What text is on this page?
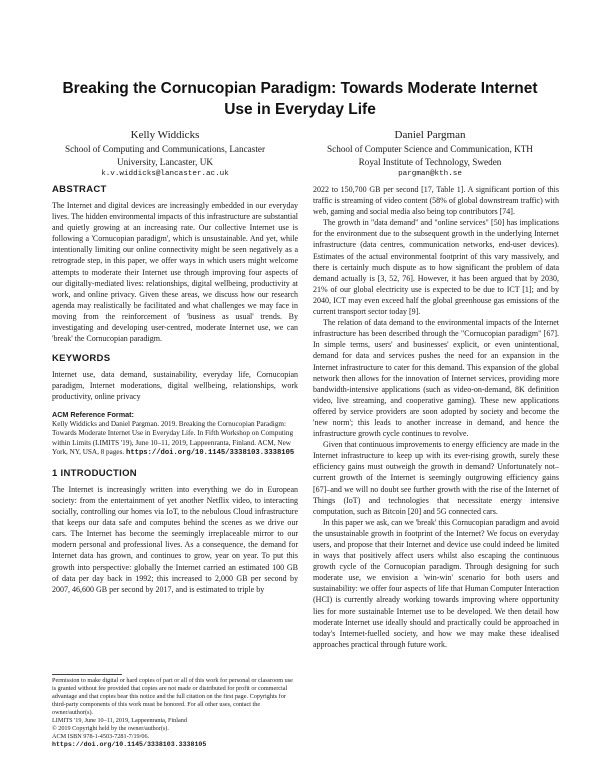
Breaking the Cornucopian Paradigm: Towards Moderate Internet Use in Everyday Life
Kelly Widdicks
School of Computing and Communications, Lancaster
University, Lancaster, UK
k.v.widdicks@lancaster.ac.uk
Daniel Pargman
School of Computer Science and Communication, KTH
Royal Institute of Technology, Sweden
pargman@kth.se
ABSTRACT

The Internet and digital devices are increasingly embedded in our everyday lives. The hidden environmental impacts of this infrastructure are substantial and quietly growing at an increasing rate. Our collective Internet use is following a 'Cornucopian paradigm', which is unsustainable. And yet, while intentionally limiting our online connectivity might be seen negatively as a retrograde step, in this paper, we offer ways in which users might welcome attempts to moderate their Internet use through improving four aspects of our digitally-mediated lives: relationships, digital wellbeing, productivity at work, and online privacy. Given these areas, we discuss how our research agenda may realistically be facilitated and what challenges we may face in moving from the reinforcement of 'business as usual' trends. By investigating and developing user-centred, moderate Internet use, we can 'break' the Cornucopian paradigm.

KEYWORDS

Internet use, data demand, sustainability, everyday life, Cornucopian paradigm, Internet moderations, digital wellbeing, relationships, work productivity, online privacy

ACM Reference Format:
Kelly Widdicks and Daniel Pargman. 2019. Breaking the Cornucopian Paradigm: Towards Moderate Internet Use in Everyday Life. In Fifth Workshop on Computing within Limits (LIMITS '19), June 10–11, 2019, Lappeenranta, Finland. ACM, New York, NY, USA, 8 pages. https://doi.org/10.1145/3338103.3338105
1 INTRODUCTION

The Internet is increasingly written into everything we do in European society: from the entertainment of yet another Netflix video, to interacting socially, controlling our homes via IoT, to the nebulous Cloud infrastructure that keeps our data safe and computes behind the scenes as we drive our cars. The Internet has become the seemingly irreplaceable mirror to our modern personal and professional lives. As a consequence, the demand for Internet data has grown, and continues to grow, year on year. To put this growth into perspective: globally the Internet carried an estimated 100 GB of data per day back in 1992; this increased to 2,000 GB per second by 2007, 46,600 GB per second by 2017, and is estimated to triple by

Permission to make digital or hard copies of part or all of this work for personal or classroom use is granted without fee provided that copies are not made or distributed for profit or commercial advantage and that copies bear this notice and the full citation on the first page. Copyrights for third-party components of this work must be honored. For all other uses, contact the owner/author(s).
LIMITS '19, June 10–11, 2019, Lappeenranta, Finland
© 2019 Copyright held by the owner/author(s).
ACM ISBN 978-1-4503-7281-7/19/06.
https://doi.org/10.1145/3338103.3338105

2022 to 150,700 GB per second [17, Table 1]. A significant portion of this traffic is streaming of video content (58% of global downstream traffic) with web, gaming and social media also being top contributors [74].

The growth in "data demand" and "online services" [50] has implications for the environment due to the subsequent growth in the underlying Internet infrastructure (data centres, communication networks, end-user devices). Estimates of the actual environmental footprint of this vary massively, and there is certainly much dispute as to how significant the problem of data demand actually is [3, 52, 76]. However, it has been argued that by 2030, 21% of our global electricity use is expected to be due to ICT [1]; and by 2040, ICT may even exceed half the global greenhouse gas emissions of the current transport sector today [9].

The relation of data demand to the environmental impacts of the Internet infrastructure has been described through the "Cornucopian paradigm" [67]. In simple terms, users' and businesses' explicit, or even unintentional, demand for data and services pushes the need for an expansion in the Internet infrastructure to cater for this demand. This expansion of the global network then allows for the innovation of Internet services, providing more bandwidth-intensive applications (such as video-on-demand, 8K definition video, live streaming, and cooperative gaming). These new applications offered by service providers are soon adopted by society and become the 'new norm'; this leads to another increase in demand, and hence the infrastructure growth cycle continues to revolve.

Given that continuous improvements to energy efficiency are made in the Internet infrastructure to keep up with its ever-rising growth, surely these efficiency gains must outweigh the growth in demand? Unfortunately not–current growth of the Internet is seemingly outgrowing efficiency gains [67]–and we will no doubt see further growth with the rise of the Internet of Things (IoT) and technologies that necessitate energy intensive computation, such as Bitcoin [20] and 5G connected cars.

In this paper we ask, can we 'break' this Cornucopian paradigm and avoid the unsustainable growth in footprint of the Internet? We focus on everyday users, and propose that their Internet and device use could indeed be limited in ways that positively affect users whilst also escaping the continuous growth cycle of the Cornucopian paradigm. Through designing for such moderate use, we envision a 'win-win' scenario for both users and sustainability: we offer four aspects of life that Human Computer Interaction (HCI) is currently already working towards improving where opportunity lies for more sustainable Internet use to be developed. We then detail how moderate Internet use ideally should and practically could be approached in today's Internet-fuelled society, and how we may make these idealised approaches practical through future work.
